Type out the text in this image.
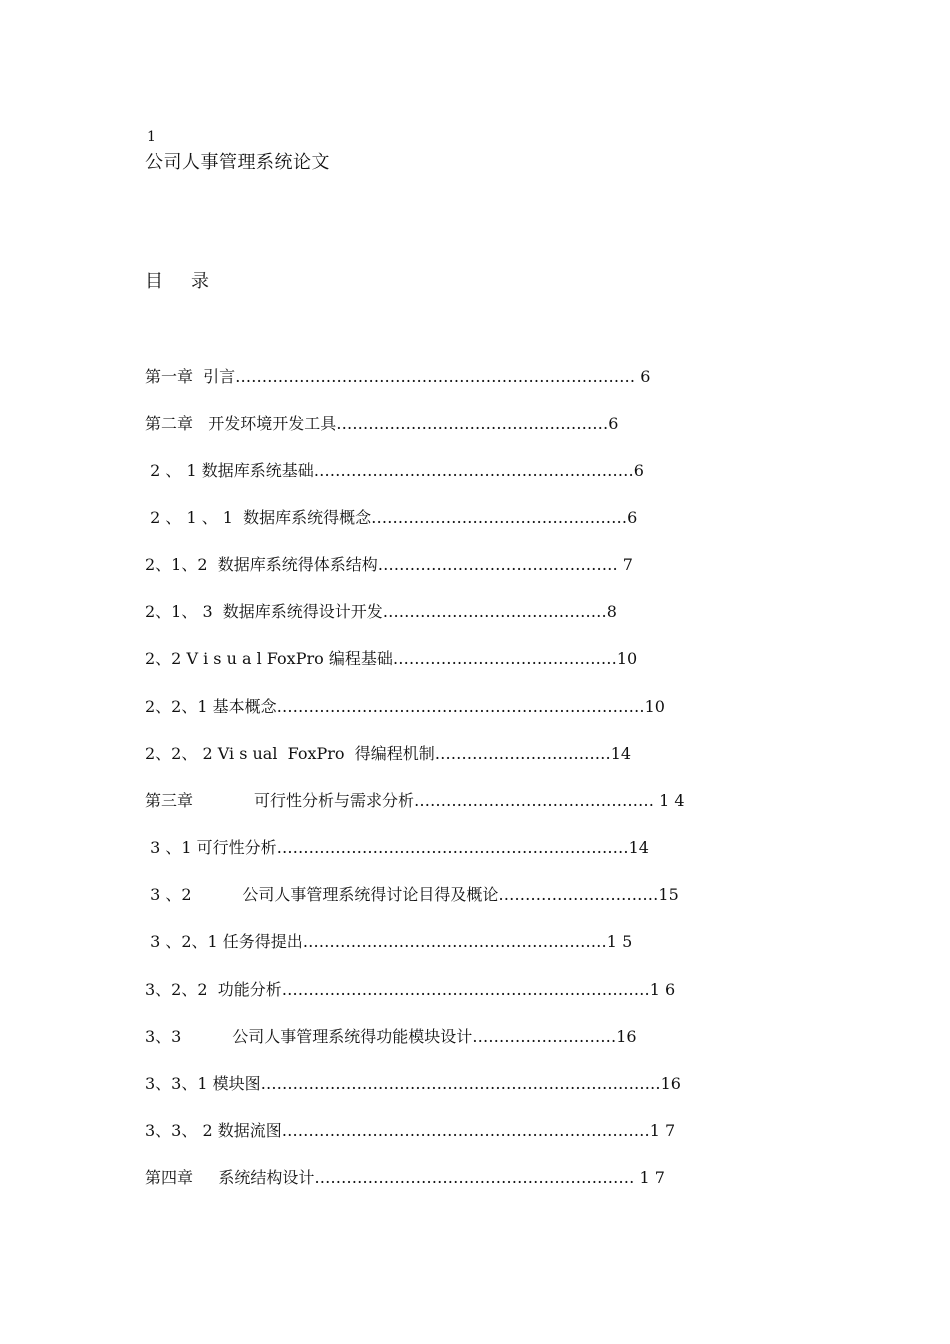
1
公司人事管理系统论文
目 录
第一章  引言………………………………………………………………… 6
第二章   开发环境开发工具……………………………………………6
2 、 1 数据库系统基础……………………………………………………6
2 、 1 、 1  数据库系统得概念…………………………………………6
2、1、2  数据库系统得体系结构……………………………………… 7
2、1、 3  数据库系统得设计开发……………………………………8
2、2 V i s u a l FoxPro 编程基础……………………………………10
2、2、1 基本概念……………………………………………………………10
2、2、 2 Vi s ual  FoxPro  得编程机制……………………………14
第三章            可行性分析与需求分析……………………………………… 1 4
3 、1 可行性分析…………………………………………………………14
3 、2          公司人事管理系统得讨论目得及概论…………………………15
3 、2、1 任务得提出…………………………………………………1 5
3、2、2  功能分析……………………………………………………………1 6
3、3          公司人事管理系统得功能模块设计………………………16
3、3、1 模块图…………………………………………………………………16
3、3、 2 数据流图……………………………………………………………1 7
第四章     系统结构设计…………………………………………………… 1 7
